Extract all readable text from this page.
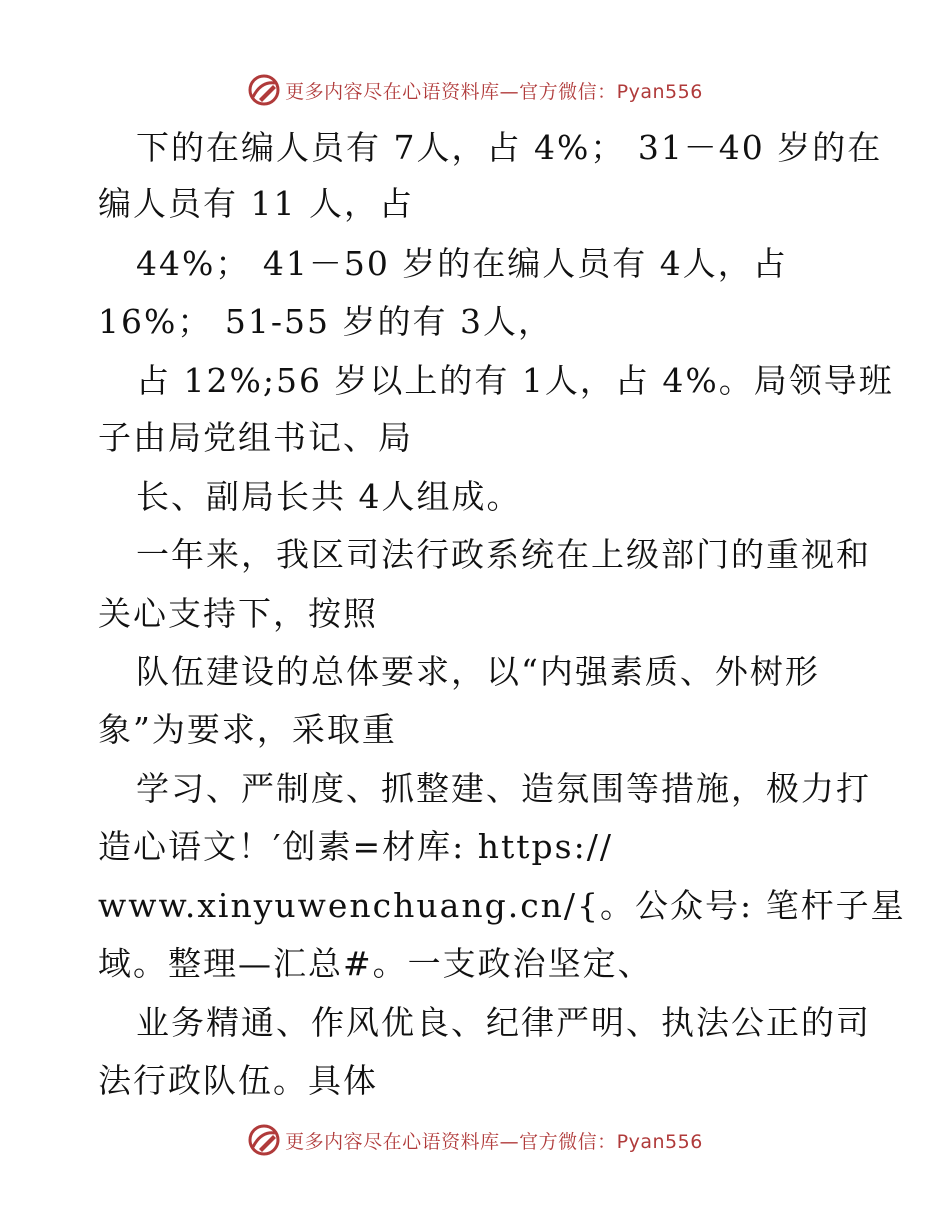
更多内容尽在心语资料库—官方微信：Pyan556
下的在编人员有 7人，占 4%； 31－40 岁的在
编人员有 11 人，占
44%； 41－50 岁的在编人员有 4人，占
16%； 51-55 岁的有 3人，
占 12%;56 岁以上的有 1人，占 4%。局领导班
子由局党组书记、局
长、副局长共 4人组成。
一年来，我区司法行政系统在上级部门的重视和
关心支持下，按照
队伍建设的总体要求，以“内强素质、外树形
象”为要求，采取重
学习、严制度、抓整建、造氛围等措施，极力打
造心语文！′创素=材库: https://
www.xinyuwenchuang.cn/{。公众号: 笔杆子星
域。整理—汇总#。一支政治坚定、
业务精通、作风优良、纪律严明、执法公正的司
法行政队伍。具体
更多内容尽在心语资料库—官方微信：Pyan556
